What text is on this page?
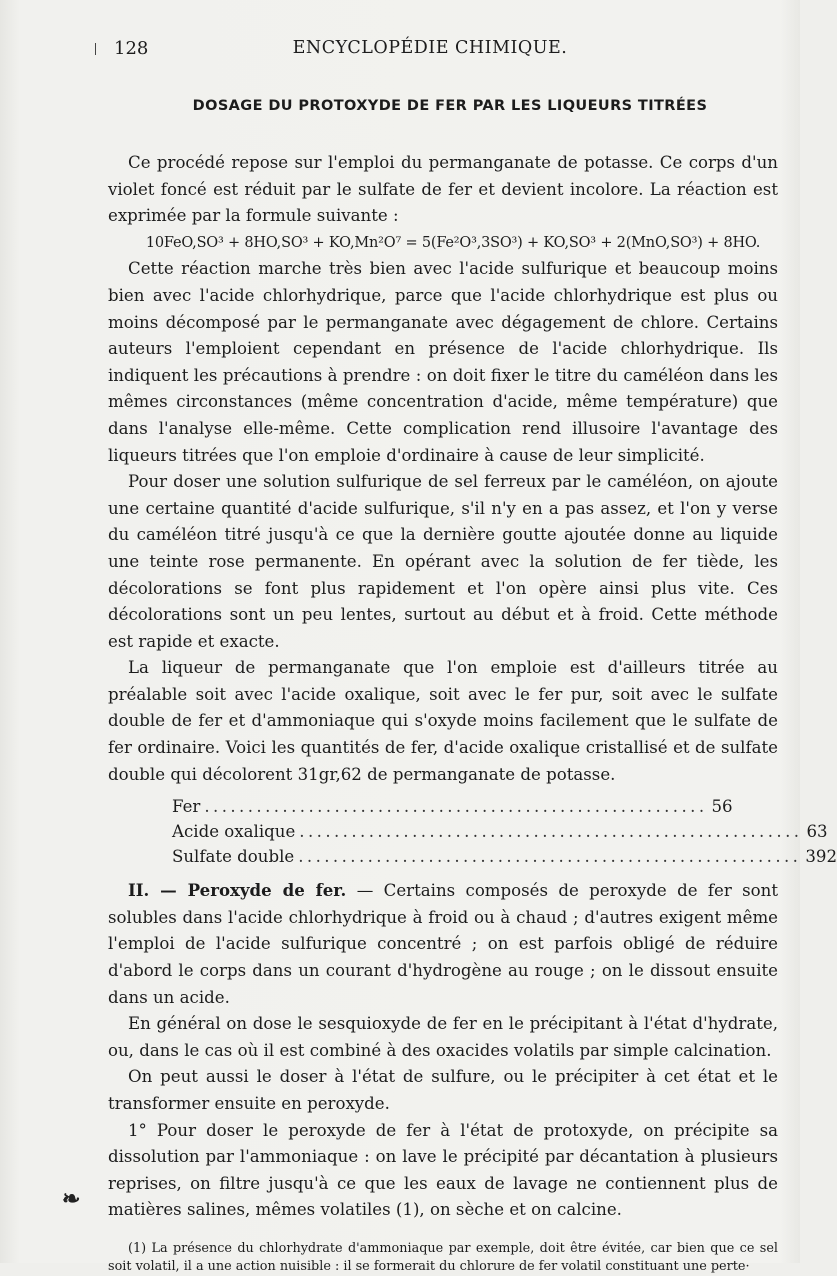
128	ENCYCLOPÉDIE CHIMIQUE.
DOSAGE DU PROTOXYDE DE FER PAR LES LIQUEURS TITRÉES

Ce procédé repose sur l'emploi du permanganate de potasse. Ce corps d'un violet foncé est réduit par le sulfate de fer et devient incolore. La réaction est exprimée par la formule suivante :

10FeO,SO³ + 8HO,SO³ + KO,Mn²O⁷ = 5(Fe²O³,3SO³) + KO,SO³ + 2(MnO,SO³) + 8HO.

Cette réaction marche très bien avec l'acide sulfurique et beaucoup moins bien avec l'acide chlorhydrique, parce que l'acide chlorhydrique est plus ou moins décomposé par le permanganate avec dégagement de chlore. Certains auteurs l'emploient cependant en présence de l'acide chlorhydrique. Ils indiquent les précautions à prendre : on doit fixer le titre du caméléon dans les mêmes circonstances (même concentration d'acide, même température) que dans l'analyse elle-même. Cette complication rend illusoire l'avantage des liqueurs titrées que l'on emploie d'ordinaire à cause de leur simplicité.

Pour doser une solution sulfurique de sel ferreux par le caméléon, on ajoute une certaine quantité d'acide sulfurique, s'il n'y en a pas assez, et l'on y verse du caméléon titré jusqu'à ce que la dernière goutte ajoutée donne au liquide une teinte rose permanente. En opérant avec la solution de fer tiède, les décolorations se font plus rapidement et l'on opère ainsi plus vite. Ces décolorations sont un peu lentes, surtout au début et à froid. Cette méthode est rapide et exacte.

La liqueur de permanganate que l'on emploie est d'ailleurs titrée au préalable soit avec l'acide oxalique, soit avec le fer pur, soit avec le sulfate double de fer et d'ammoniaque qui s'oxyde moins facilement que le sulfate de fer ordinaire. Voici les quantités de fer, d'acide oxalique cristallisé et de sulfate double qui décolorent 31gr,62 de permanganate de potasse.

Fer .......................................................... 56
Acide oxalique .......................................................... 63
Sulfate double .......................................................... 392

II. — Peroxyde de fer. — Certains composés de peroxyde de fer sont solubles dans l'acide chlorhydrique à froid ou à chaud ; d'autres exigent même l'emploi de l'acide sulfurique concentré ; on est parfois obligé de réduire d'abord le corps dans un courant d'hydrogène au rouge ; on le dissout ensuite dans un acide.

En général on dose le sesquioxyde de fer en le précipitant à l'état d'hydrate, ou, dans le cas où il est combiné à des oxacides volatils par simple calcination.

On peut aussi le doser à l'état de sulfure, ou le précipiter à cet état et le transformer ensuite en peroxyde.

1° Pour doser le peroxyde de fer à l'état de protoxyde, on précipite sa dissolution par l'ammoniaque : on lave le précipité par décantation à plusieurs reprises, on filtre jusqu'à ce que les eaux de lavage ne contiennent plus de matières salines, mêmes volatiles (1), on sèche et on calcine.

(1) La présence du chlorhydrate d'ammoniaque par exemple, doit être évitée, car bien que ce sel soit volatil, il a une action nuisible : il se formerait du chlorure de fer volatil constituant une perte·

❧
